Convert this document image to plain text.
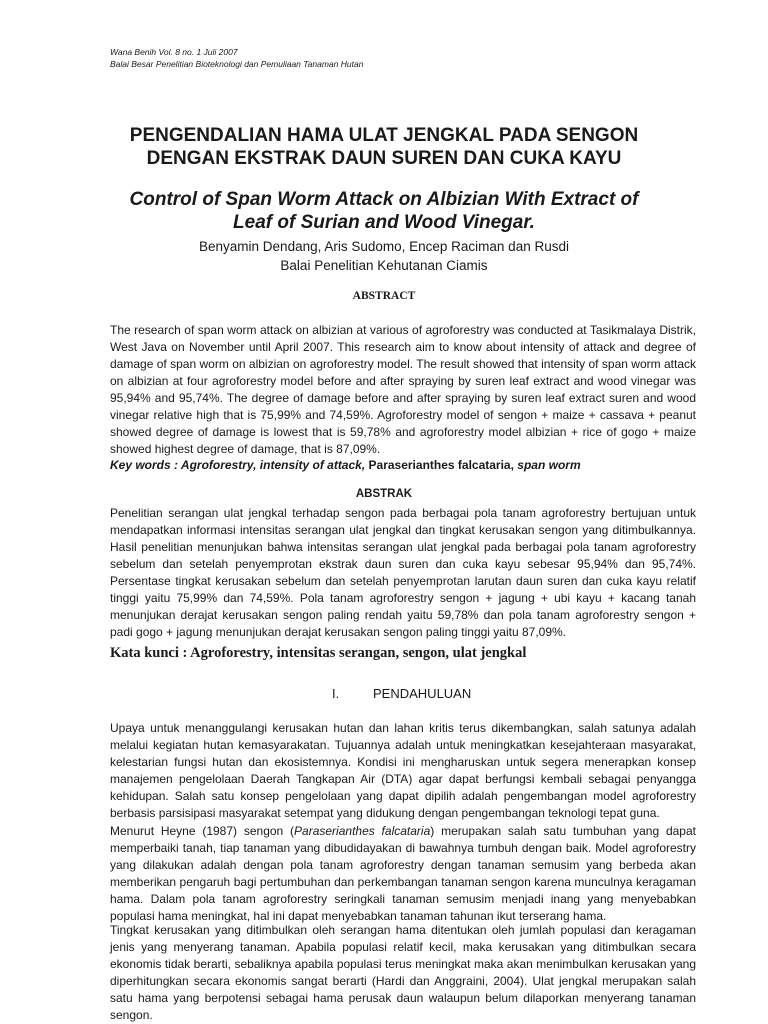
Wana Benih Vol. 8 no. 1 Juli 2007
Balai Besar Penelitian Bioteknologi dan Pemuliaan Tanaman Hutan
PENGENDALIAN HAMA ULAT JENGKAL PADA SENGON
DENGAN EKSTRAK DAUN SUREN DAN CUKA KAYU
Control of Span Worm Attack on Albizian With Extract of
Leaf of Surian and Wood Vinegar.
Benyamin Dendang, Aris Sudomo, Encep Raciman dan Rusdi
Balai Penelitian Kehutanan Ciamis
ABSTRACT

The research of span worm attack on albizian at various of agroforestry was conducted at Tasikmalaya Distrik, West Java on November until April 2007. This research aim to know about intensity of attack and degree of damage of span worm on albizian on agroforestry model. The result showed that intensity of span worm attack on albizian at four agroforestry model before and after spraying by suren leaf extract and wood vinegar was 95,94% and 95,74%. The degree of damage before and after spraying by suren leaf extract suren and wood vinegar relative high that is 75,99% and 74,59%. Agroforestry model of sengon + maize + cassava + peanut showed degree of damage is lowest that is 59,78% and agroforestry model albizian + rice of gogo + maize showed highest degree of damage, that is 87,09%.

Key words : Agroforestry, intensity of attack, Paraserianthes falcataria, span worm
ABSTRAK

Penelitian serangan ulat jengkal terhadap sengon pada berbagai pola tanam agroforestry bertujuan untuk mendapatkan informasi intensitas serangan ulat jengkal dan tingkat kerusakan sengon yang ditimbulkannya. Hasil penelitian menunjukan bahwa intensitas serangan ulat jengkal pada berbagai pola tanam agroforestry sebelum dan setelah penyemprotan ekstrak daun suren dan cuka kayu sebesar 95,94% dan 95,74%. Persentase tingkat kerusakan sebelum dan setelah penyemprotan larutan daun suren dan cuka kayu relatif tinggi yaitu 75,99% dan 74,59%. Pola tanam agroforestry sengon + jagung + ubi kayu + kacang tanah menunjukan derajat kerusakan sengon paling rendah yaitu 59,78% dan pola tanam agroforestry sengon + padi gogo + jagung menunjukan derajat kerusakan sengon paling tinggi yaitu 87,09%.

Kata kunci : Agroforestry, intensitas serangan, sengon, ulat jengkal
I.	PENDAHULUAN

Upaya untuk menanggulangi kerusakan hutan dan lahan kritis terus dikembangkan, salah satunya adalah melalui kegiatan hutan kemasyarakatan. Tujuannya adalah untuk meningkatkan kesejahteraan masyarakat, kelestarian fungsi hutan dan ekosistemnya. Kondisi ini mengharuskan untuk segera menerapkan konsep manajemen pengelolaan Daerah Tangkapan Air (DTA) agar dapat berfungsi kembali sebagai penyangga kehidupan. Salah satu konsep pengelolaan yang dapat dipilih adalah pengembangan model agroforestry berbasis parsisipasi masyarakat setempat yang didukung dengan pengembangan teknologi tepat guna.

Menurut Heyne (1987) sengon (Paraserianthes falcataria) merupakan salah satu tumbuhan yang dapat memperbaiki tanah, tiap tanaman yang dibudidayakan di bawahnya tumbuh dengan baik. Model agroforestry yang dilakukan adalah dengan pola tanam agroforestry dengan tanaman semusim yang berbeda akan memberikan pengaruh bagi pertumbuhan dan perkembangan tanaman sengon karena munculnya keragaman hama. Dalam pola tanam agroforestry seringkali tanaman semusim menjadi inang yang menyebabkan populasi hama meningkat, hal ini dapat menyebabkan tanaman tahunan ikut terserang hama.

Tingkat kerusakan yang ditimbulkan oleh serangan hama ditentukan oleh jumlah populasi dan keragaman jenis yang menyerang tanaman. Apabila populasi relatif kecil, maka kerusakan yang ditimbulkan secara ekonomis tidak berarti, sebaliknya apabila populasi terus meningkat maka akan menimbulkan kerusakan yang diperhitungkan secara ekonomis sangat berarti (Hardi dan Anggraini, 2004). Ulat jengkal merupakan salah satu hama yang berpotensi sebagai hama perusak daun walaupun belum dilaporkan menyerang tanaman sengon.
